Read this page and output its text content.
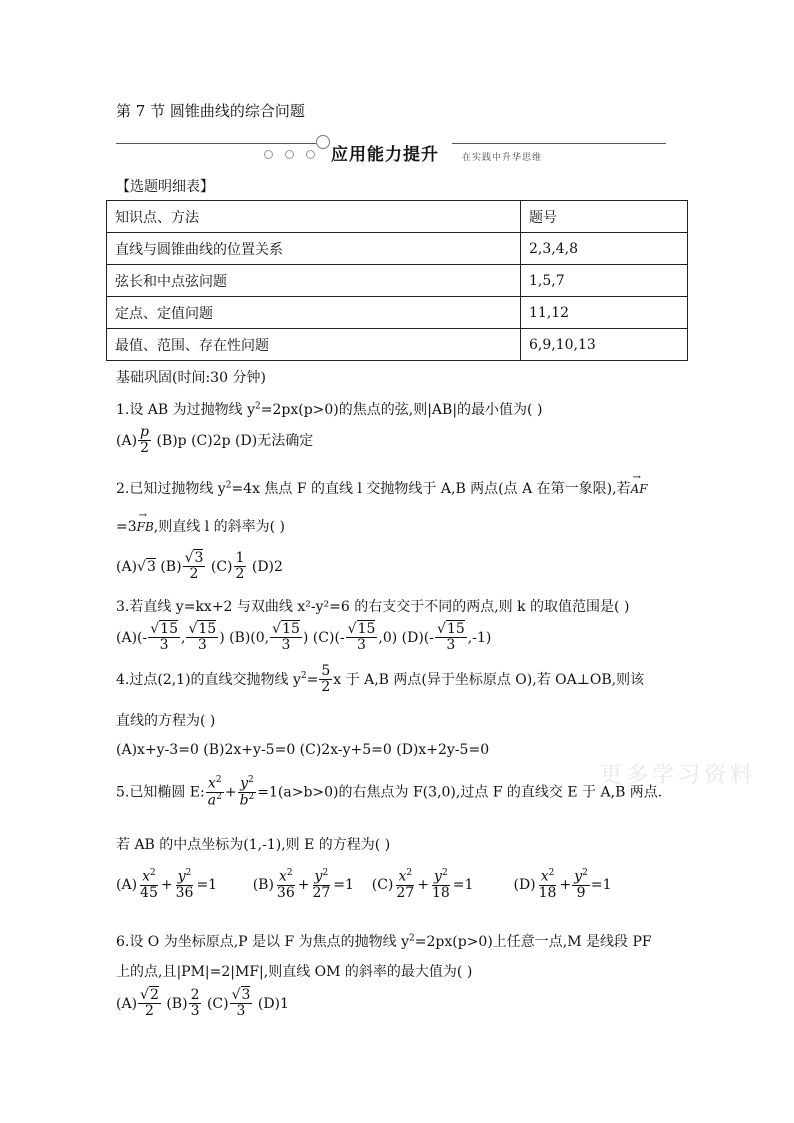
第 7 节 圆锥曲线的综合问题
应用能力提升	在实践中升华思维
【选题明细表】
知识点、方法	题号
直线与圆锥曲线的位置关系	2,3,4,8
弦长和中点弦问题	1,5,7
定点、定值问题	11,12
最值、范围、存在性问题	6,9,10,13
基础巩固(时间:30 分钟)
1.设 AB 为过抛物线 $y^2=2px(p>0)$的焦点的弦,则|AB|的最小值为( )
$(A) \frac{p}{2} (B)p$ (C)2p (D)无法确定
2.已知过抛物线 $y^2=4x$ 焦点 F 的直线 l 交抛物线于 A,B 两点(点 A 在第一象限),若→ AF
=3→ FB,则直线 l 的斜率为( )
(A)√3 $(B) \frac{√3}{2} (C) \frac{1}{2} (D)2$
3.若直线 y=kx+2 与双曲线 x²-y²=6 的右支交于不同的两点,则 k 的取值范围是( )
$(A)(- \frac{√15}{3}$ , $\frac{√15}{3}$ ) (B)(0, $\frac{√15}{3}$ ) $(C)(- \frac{√15}{3} ,0)$ $(D)(- \frac{√15}{3} ,-1)$
4.过点(2,1)的直线交抛物线 $y^2= \frac{5}{2}$ x 于 A,B 两点(异于坐标原点 O),若 OA⊥OB,则该
直线的方程为( )
(A)x+y-3=0 (B)2x+y-5=0 (C)2x-y+5=0 (D)x+2y-5=0
5.已知椭圆 E: $\frac{x^2}{a^2} + \frac{y^2}{b^2} =1(a>b>0)$的右焦点为 F(3,0),过点 F 的直线交 E 于 A,B 两点.
若 AB 的中点坐标为(1,-1),则 E 的方程为( )
$(A) \frac{x^2}{45} + \frac{y^2}{36} =1$	$(B) \frac{x^2}{36} + \frac{y^2}{27} =1$ $(C) \frac{x^2}{27} + \frac{y^2}{18} =1$	$(D) \frac{x^2}{18} + \frac{y^2}{9} =1$
6.设 O 为坐标原点,P 是以 F 为焦点的抛物线 $y^2=2px(p>0)$上任意一点,M 是线段 PF
上的点,且|PM|=2|MF|,则直线 OM 的斜率的最大值为( )
$(A) \frac{√2}{2} (B) \frac{2}{3} (C) \frac{√3}{3} (D)1$
更多学习资料
